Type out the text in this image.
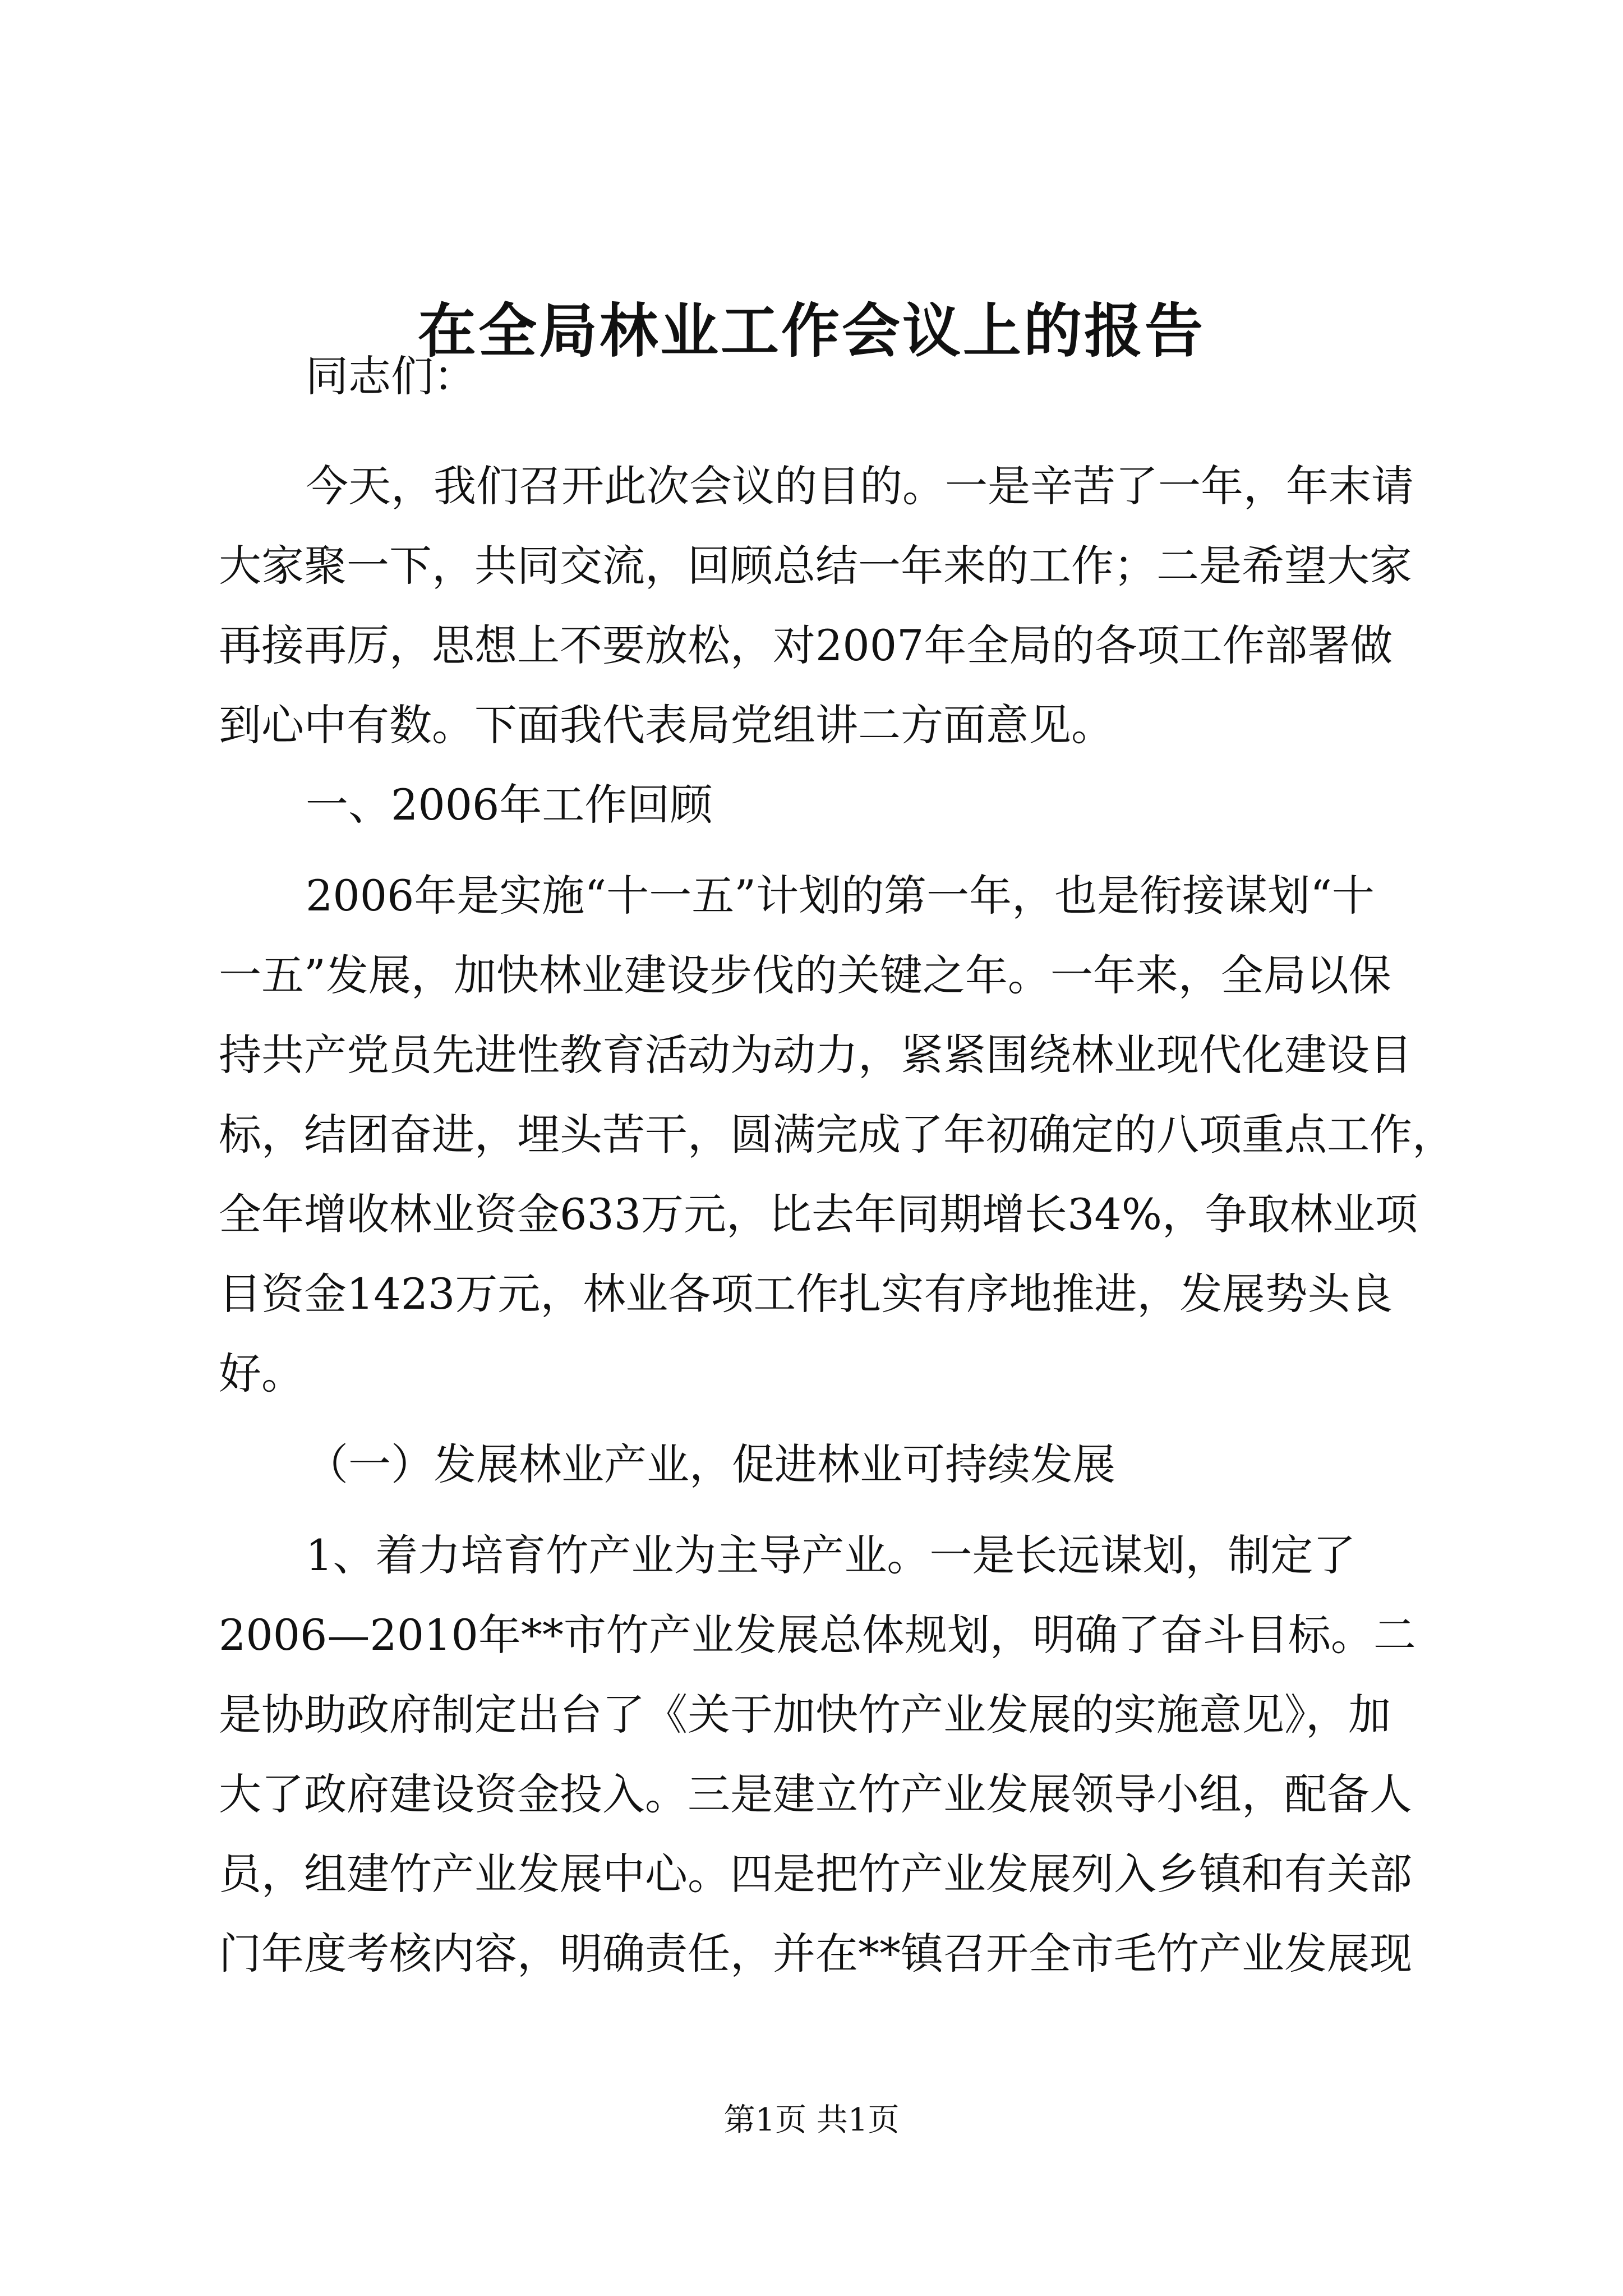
在全局林业工作会议上的报告
同志们：
今天，我们召开此次会议的目的。一是辛苦了一年，年末请
大家聚一下，共同交流，回顾总结一年来的工作；二是希望大家
再接再厉，思想上不要放松，对2007年全局的各项工作部署做
到心中有数。下面我代表局党组讲二方面意见。
一、2006年工作回顾
2006年是实施“十一五”计划的第一年，也是衔接谋划“十
一五”发展，加快林业建设步伐的关键之年。一年来，全局以保
持共产党员先进性教育活动为动力，紧紧围绕林业现代化建设目
标，结团奋进，埋头苦干，圆满完成了年初确定的八项重点工作，
全年增收林业资金633万元，比去年同期增长34%，争取林业项
目资金1423万元，林业各项工作扎实有序地推进，发展势头良
好。
（一）发展林业产业，促进林业可持续发展
1、着力培育竹产业为主导产业。一是长远谋划，制定了
2006—2010年**市竹产业发展总体规划，明确了奋斗目标。二
是协助政府制定出台了《关于加快竹产业发展的实施意见》，加
大了政府建设资金投入。三是建立竹产业发展领导小组，配备人
员，组建竹产业发展中心。四是把竹产业发展列入乡镇和有关部
门年度考核内容，明确责任，并在**镇召开全市毛竹产业发展现
第1页 共1页
